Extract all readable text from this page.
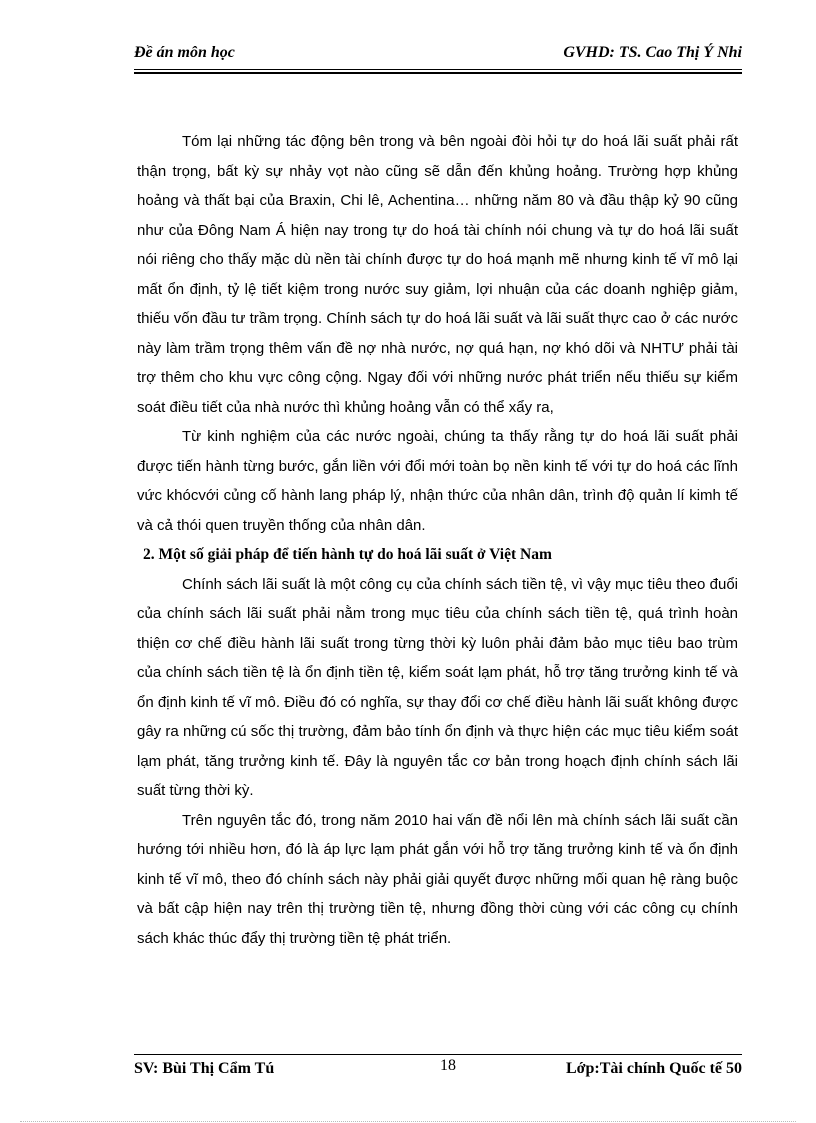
Đề án môn học	GVHD: TS. Cao Thị Ý Nhi

Tóm lại những tác động bên trong và bên ngoài đòi hỏi tự do hoá lãi suất phải rất thận trọng, bất kỳ sự nhảy vọt nào cũng sẽ dẫn đến khủng hoảng. Trường hợp khủng hoảng và thất bại của Braxin, Chi lê, Achentina… những năm 80 và đầu thập kỷ 90 cũng như của Đông Nam Á hiện nay trong tự do hoá tài chính nói chung và tự do hoá lãi suất nói riêng cho thấy mặc dù nền tài chính được tự do hoá mạnh mẽ nhưng kinh tế vĩ mô lại mất ổn định, tỷ lệ tiết kiệm trong nước suy giảm, lợi nhuận của các doanh nghiệp giảm, thiếu vốn đầu tư trầm trọng. Chính sách tự do hoá lãi suất và lãi suất thực cao ở các nước này làm trầm trọng thêm vấn đề nợ nhà nước, nợ quá hạn, nợ khó dõi và NHTƯ phải tài trợ thêm cho khu vực công cộng. Ngay đối với những nước phát triển nếu thiếu sự kiểm soát điều tiết của nhà nước thì khủng hoảng vẫn có thể xẩy ra,

Từ kinh nghiệm của các nước ngoài, chúng ta thấy rằng tự do hoá lãi suất phải được tiến hành từng bước, gắn liền với đổi mới toàn bọ nền kinh tế với tự do hoá các lĩnh vức khócvới củng cố hành lang pháp lý, nhận thức của nhân dân, trình độ quản lí kimh tế và cả thói quen truyền thống của nhân dân.

2. Một số giải pháp để tiến hành tự do hoá lãi suất ở Việt Nam

Chính sách lãi suất là một công cụ của chính sách tiền tệ, vì vậy mục tiêu theo đuổi của chính sách lãi suất phải nằm trong mục tiêu của chính sách tiền tệ, quá trình hoàn thiện cơ chế điều hành lãi suất trong từng thời kỳ luôn phải đảm bảo mục tiêu bao trùm của chính sách tiền tệ là ổn định tiền tệ, kiểm soát lạm phát, hỗ trợ tăng trưởng kinh tế và ổn định kinh tế vĩ mô. Điều đó có nghĩa, sự thay đổi cơ chế điều hành lãi suất không được gây ra những cú sốc thị trường, đảm bảo tính ổn định và thực hiện các mục tiêu kiểm soát lạm phát, tăng trưởng kinh tế. Đây là nguyên tắc cơ bản trong hoạch định chính sách lãi suất từng thời kỳ.

Trên nguyên tắc đó, trong năm 2010 hai vấn đề nổi lên mà chính sách lãi suất cần hướng tới nhiều hơn, đó là áp lực lạm phát gắn với hỗ trợ tăng trưởng kinh tế và ổn định kinh tế vĩ mô, theo đó chính sách này phải giải quyết được những mối quan hệ ràng buộc và bất cập hiện nay trên thị trường tiền tệ, nhưng đồng thời cùng với các công cụ chính sách khác thúc đẩy thị trường tiền tệ phát triển.

SV: Bùi Thị Cẩm Tú	18	Lớp:Tài chính Quốc tế 50
